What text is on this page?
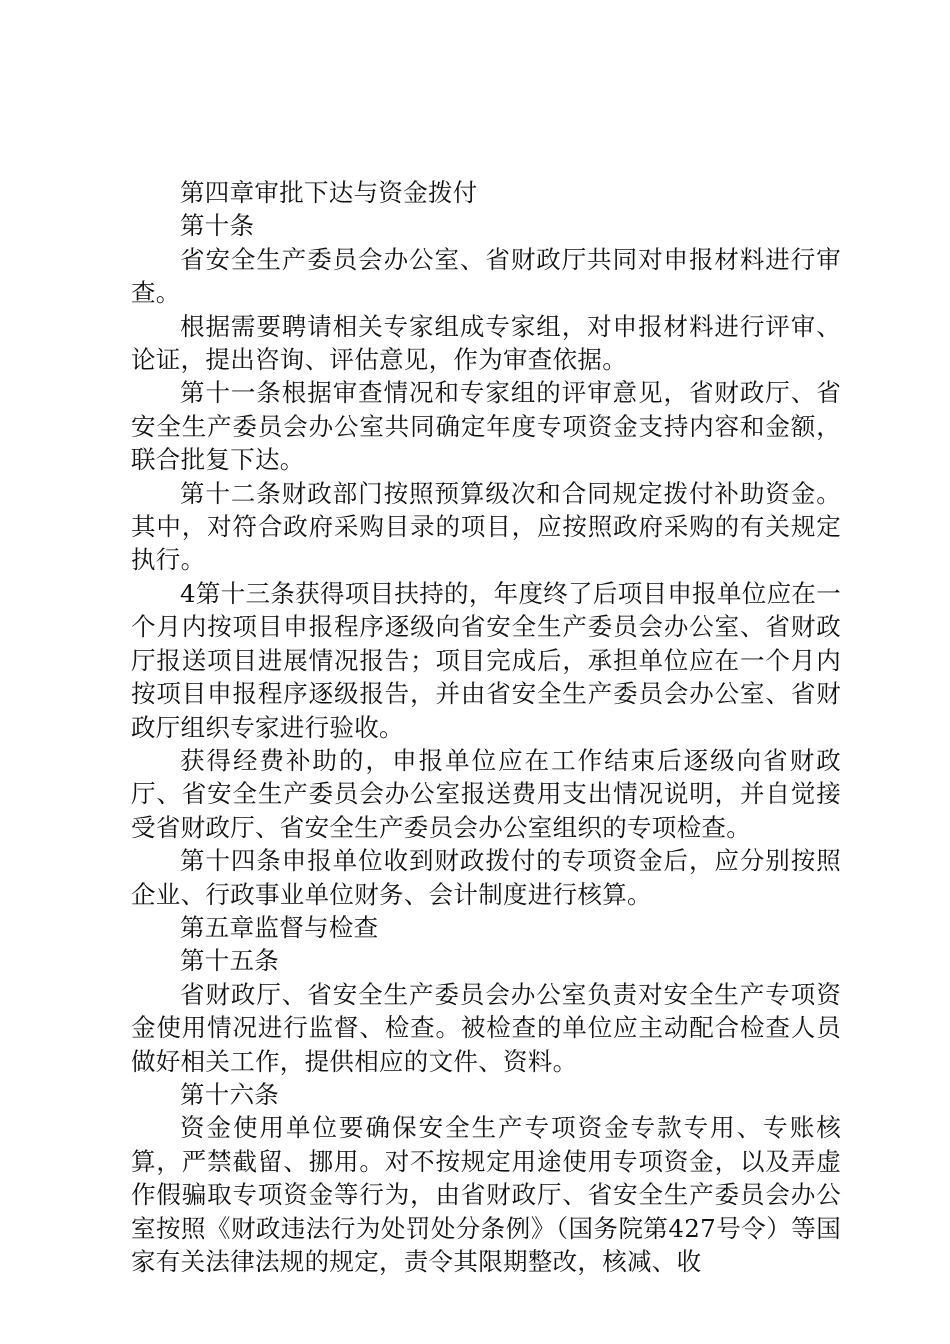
第四章审批下达与资金拨付

第十条

省安全生产委员会办公室、省财政厅共同对申报材料进行审查。

根据需要聘请相关专家组成专家组，对申报材料进行评审、论证，提出咨询、评估意见，作为审查依据。

第十一条根据审查情况和专家组的评审意见，省财政厅、省安全生产委员会办公室共同确定年度专项资金支持内容和金额，联合批复下达。

第十二条财政部门按照预算级次和合同规定拨付补助资金。其中，对符合政府采购目录的项目，应按照政府采购的有关规定执行。

4第十三条获得项目扶持的，年度终了后项目申报单位应在一个月内按项目申报程序逐级向省安全生产委员会办公室、省财政厅报送项目进展情况报告；项目完成后，承担单位应在一个月内按项目申报程序逐级报告，并由省安全生产委员会办公室、省财政厅组织专家进行验收。

获得经费补助的，申报单位应在工作结束后逐级向省财政厅、省安全生产委员会办公室报送费用支出情况说明，并自觉接受省财政厅、省安全生产委员会办公室组织的专项检查。

第十四条申报单位收到财政拨付的专项资金后，应分别按照企业、行政事业单位财务、会计制度进行核算。

第五章监督与检查

第十五条

省财政厅、省安全生产委员会办公室负责对安全生产专项资金使用情况进行监督、检查。被检查的单位应主动配合检查人员做好相关工作，提供相应的文件、资料。

第十六条

资金使用单位要确保安全生产专项资金专款专用、专账核算，严禁截留、挪用。对不按规定用途使用专项资金，以及弄虚作假骗取专项资金等行为，由省财政厅、省安全生产委员会办公室按照《财政违法行为处罚处分条例》（国务院第427号令）等国家有关法律法规的规定，责令其限期整改，核减、收
